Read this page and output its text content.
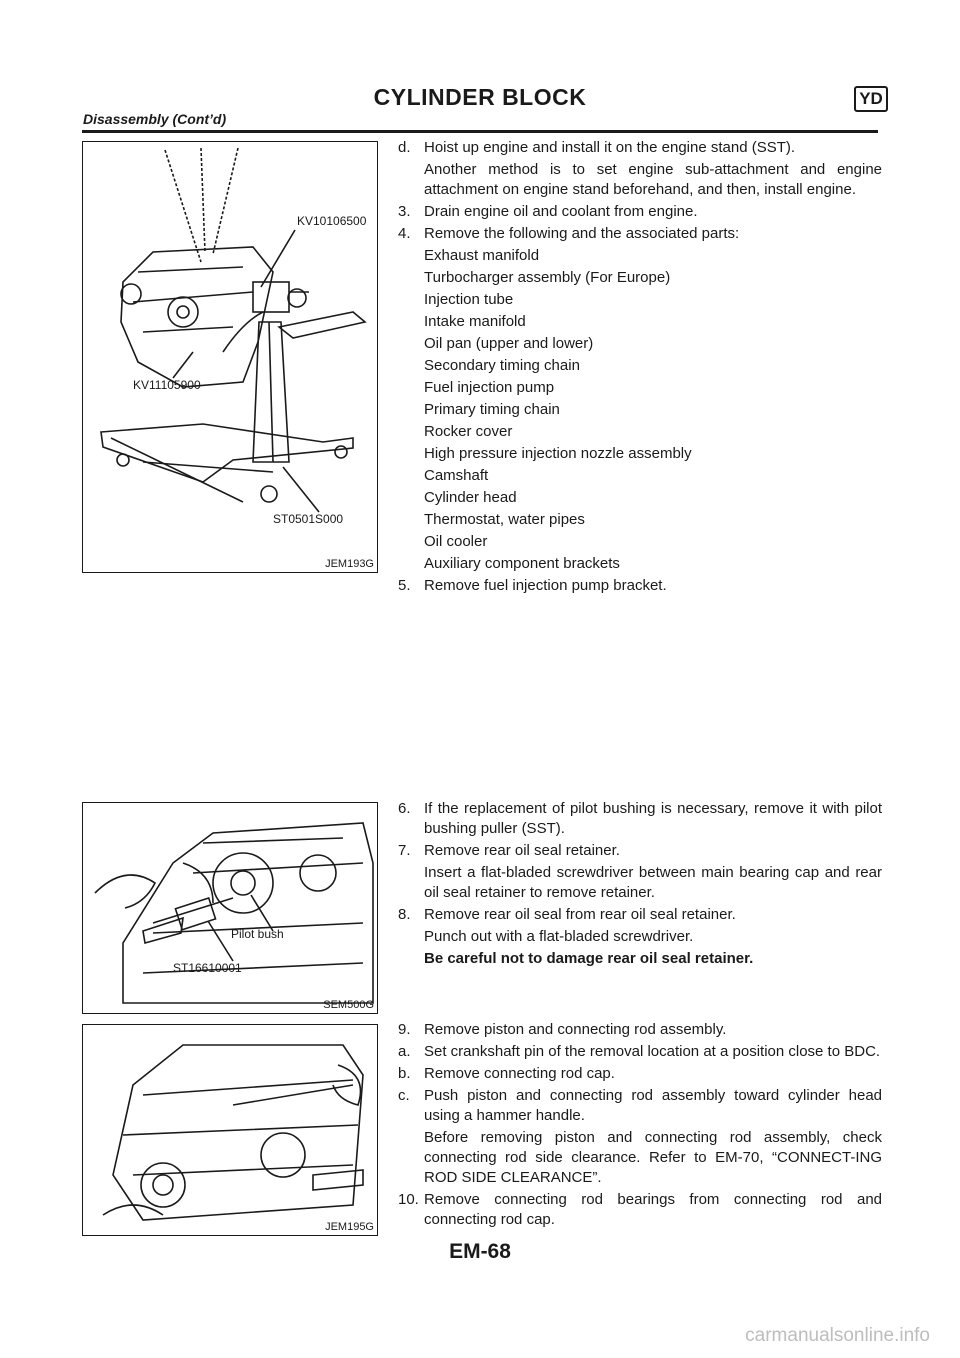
CYLINDER BLOCK	YD
Disassembly (Cont’d)
KV10106500
KV11105900
ST0501S000
JEM193G
Pilot bush
ST16610001
SEM500G
JEM195G
d. Hoist up engine and install it on the engine stand (SST).
Another method is to set engine sub-attachment and engine attachment on engine stand beforehand, and then, install engine.
3. Drain engine oil and coolant from engine.
4. Remove the following and the associated parts:
Exhaust manifold
Turbocharger assembly (For Europe)
Injection tube
Intake manifold
Oil pan (upper and lower)
Secondary timing chain
Fuel injection pump
Primary timing chain
Rocker cover
High pressure injection nozzle assembly
Camshaft
Cylinder head
Thermostat, water pipes
Oil cooler
Auxiliary component brackets
5. Remove fuel injection pump bracket.
6. If the replacement of pilot bushing is necessary, remove it with pilot bushing puller (SST).
7. Remove rear oil seal retainer.
Insert a flat-bladed screwdriver between main bearing cap and rear oil seal retainer to remove retainer.
8. Remove rear oil seal from rear oil seal retainer.
Punch out with a flat-bladed screwdriver.
Be careful not to damage rear oil seal retainer.
9. Remove piston and connecting rod assembly.
a. Set crankshaft pin of the removal location at a position close to BDC.
b. Remove connecting rod cap.
c. Push piston and connecting rod assembly toward cylinder head using a hammer handle.
Before removing piston and connecting rod assembly, check connecting rod side clearance. Refer to EM-70, “CONNECT-ING ROD SIDE CLEARANCE”.
10. Remove connecting rod bearings from connecting rod and connecting rod cap.
EM-68
carmanualsonline.info
